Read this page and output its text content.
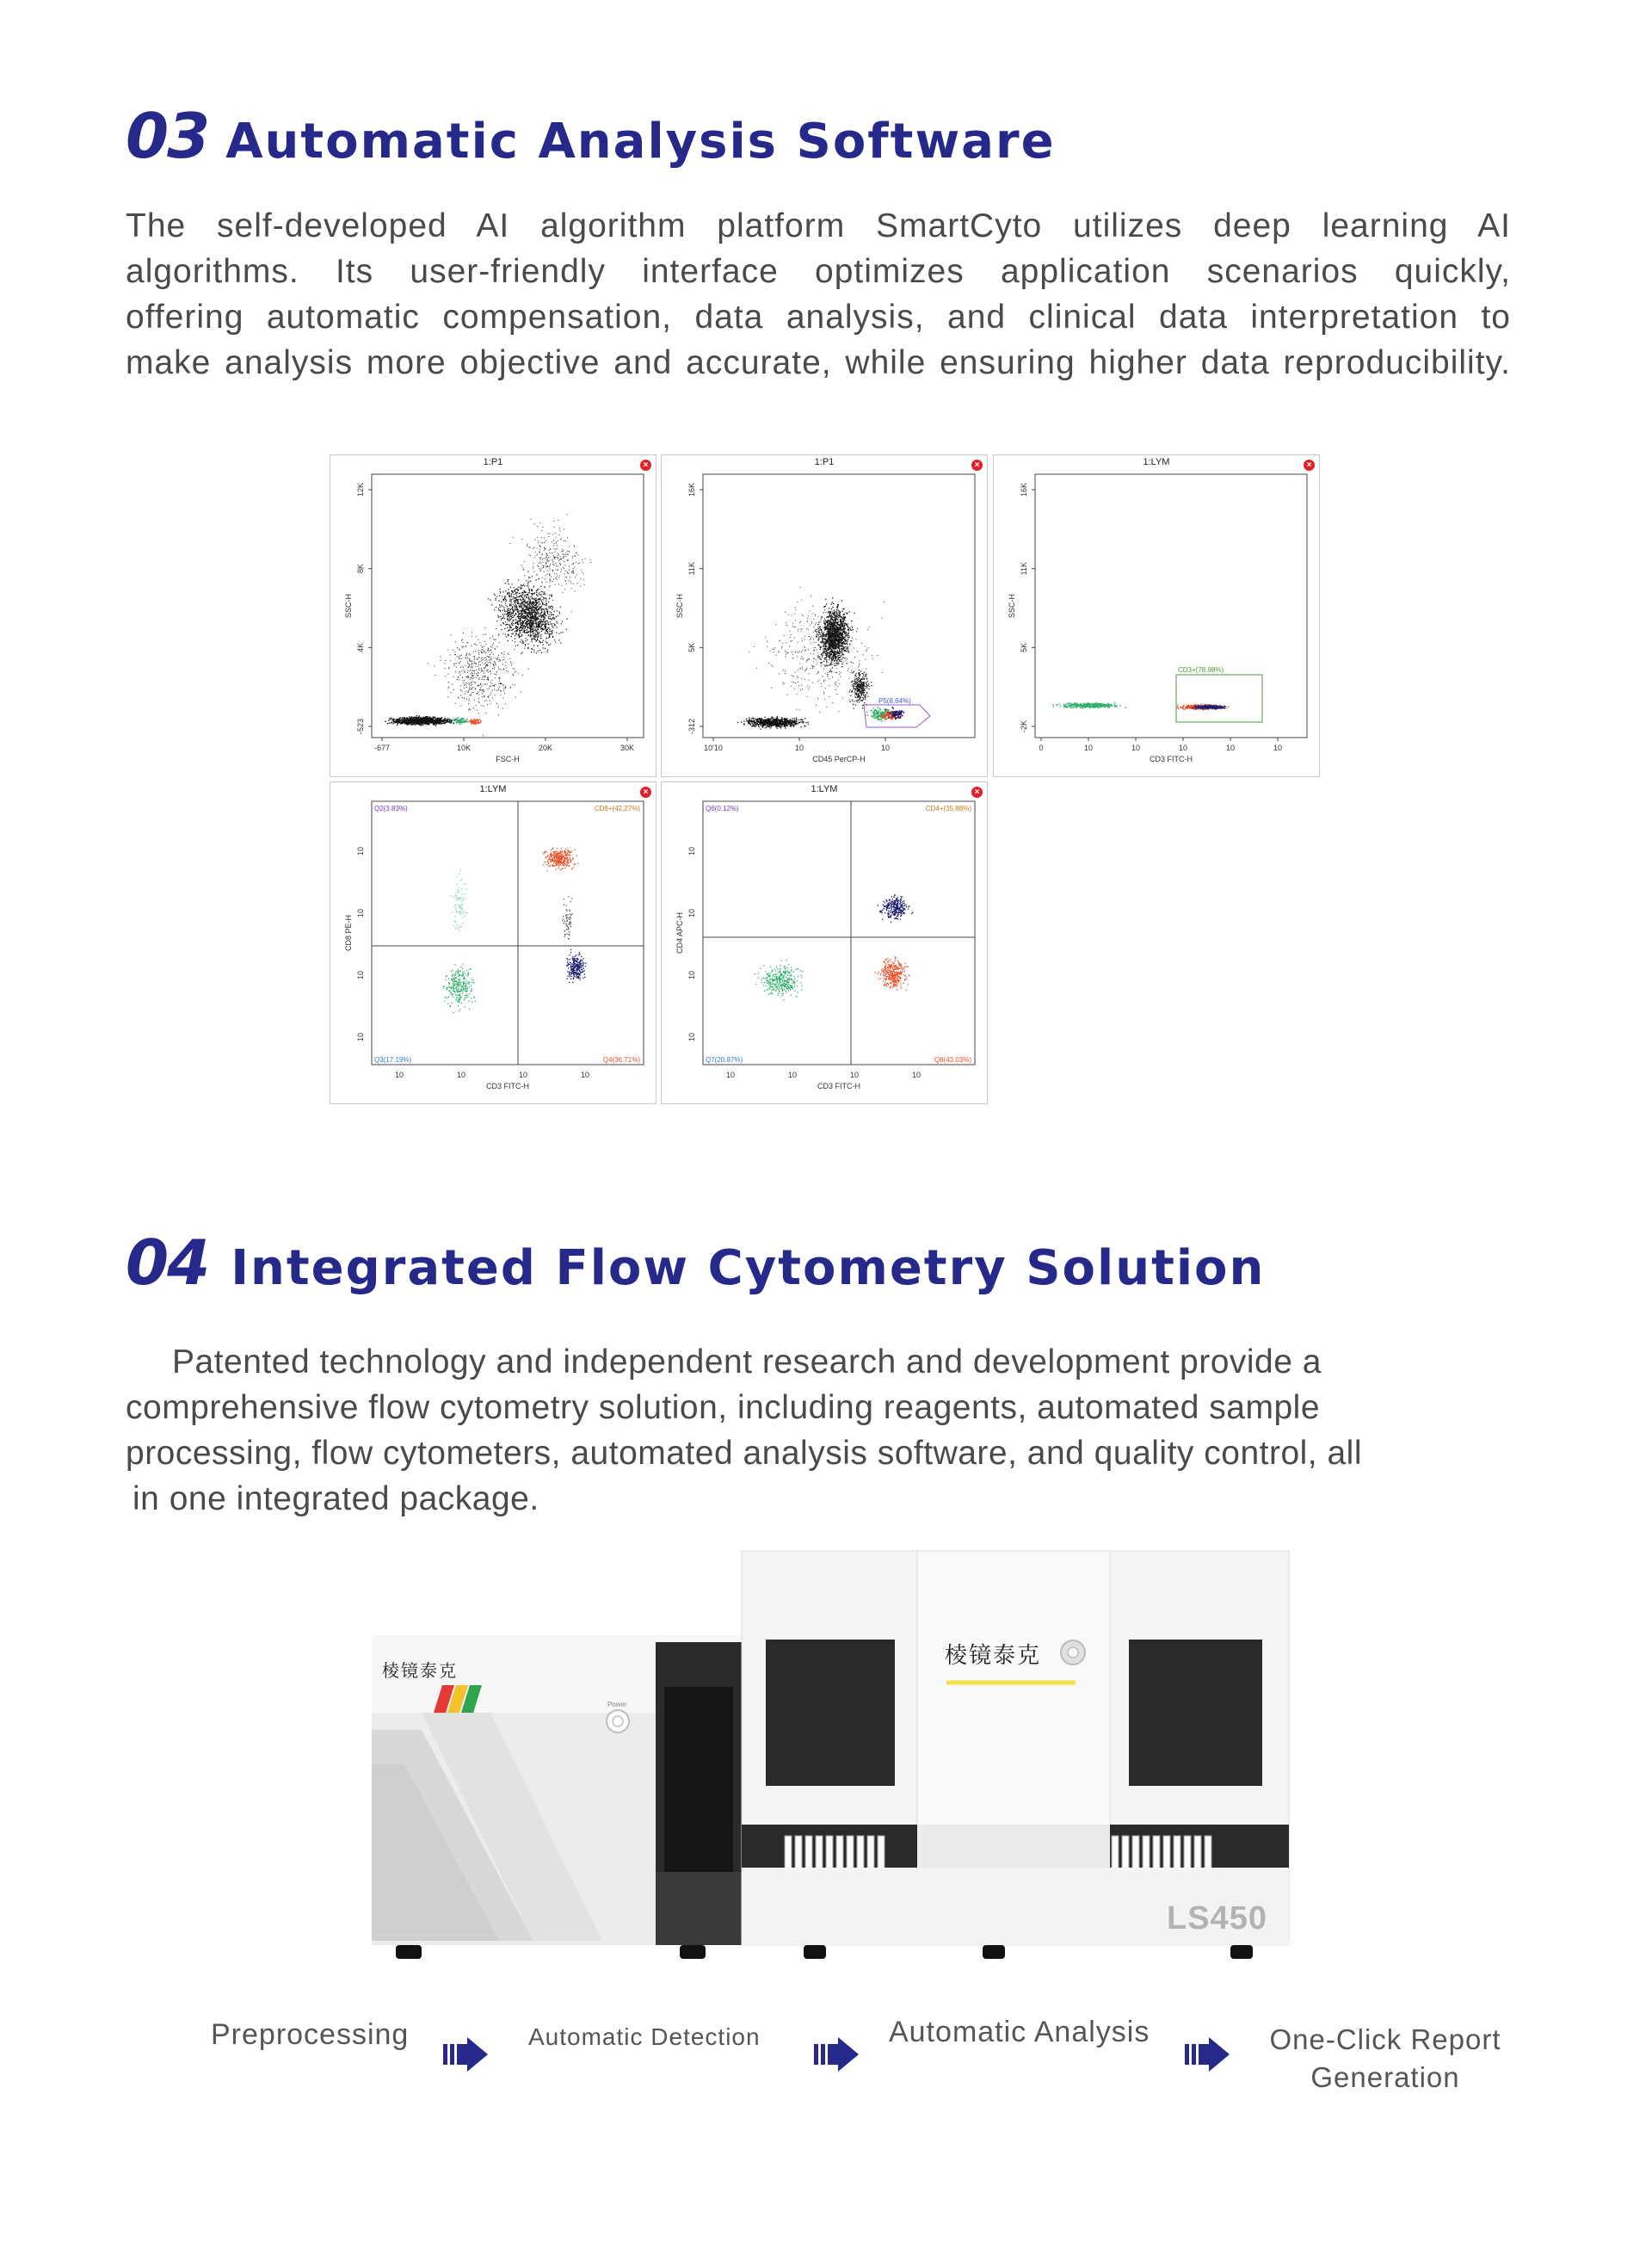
03 Automatic Analysis Software
The self-developed AI algorithm platform SmartCyto utilizes deep learning AI
algorithms. Its user-friendly interface optimizes application scenarios quickly,
offering automatic compensation, data analysis, and clinical data interpretation to
make analysis more objective and accurate, while ensuring higher data reproducibility.
SSC-H
FSC-H
12K
8K
4K
-523
-677	10K	20K	30K
1:P1	×
SSC-H
CD45 PerCP-H
16K
11K
5K
-312
10'10	10	10
P5(8.64%)
1:P1	×
SSC-H
CD3 FITC-H
16K
11K
5K
-2K
0	10	10	10	10	10
CD3+(78.98%)
1:LYM	×
CD8 PE-H
CD3 FITC-H
Q2(3.83%)	CD8+(42.27%)
Q3(17.19%)	Q4(36.71%)
10	10	10	10
10
10
10
10
1:LYM	×
CD4 APC-H
CD3 FITC-H
Q6(0.12%)	CD4+(35.88%)
Q7(20.97%)	Q8(43.03%)
10	10	10	10
10
10
10
10
1:LYM	×
04 Integrated Flow Cytometry Solution
Patented technology and independent research and development provide a
comprehensive flow cytometry solution, including reagents, automated sample
processing, flow cytometers, automated analysis software, and quality control, all
in one integrated package.
棱镜泰克
Power
棱镜泰克
LS450
Preprocessing	Automatic Detection	Automatic Analysis	One-Click Report
Generation
